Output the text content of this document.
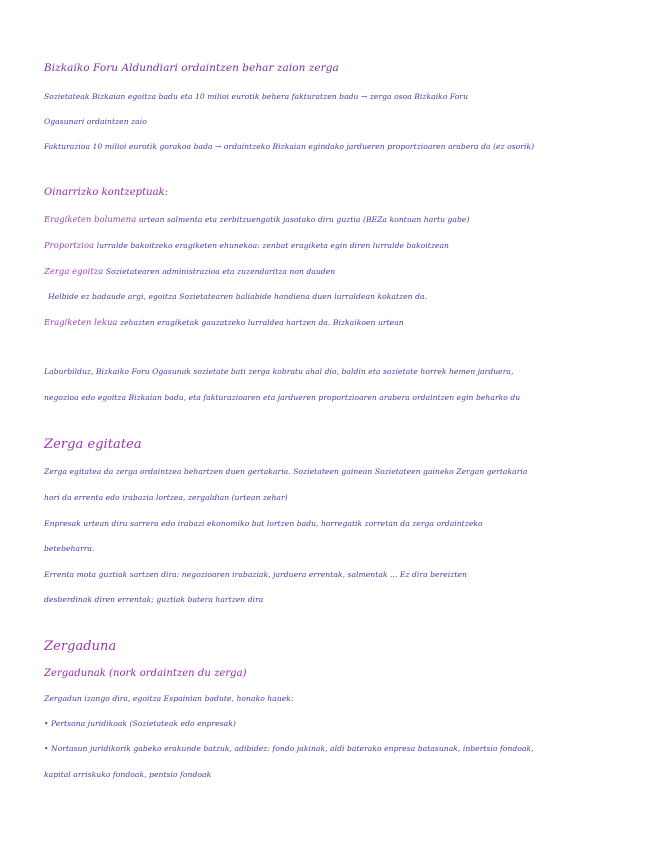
Bizkaiko Foru Aldundiari ordaintzen behar zaion zerga
Sozietateak Bizkaian egoitza badu eta 10 milioi eurotik behera fakturatzen badu → zerga osoa Bizkaiko Foru
Ogasunari ordaintzen zaio
Fakturazioa 10 milioi eurotik gorakoa bada → ordaintzeko Bizkaian egindako jardueren proportzioaren arabera da (ez osorik)
Oinarrizko kontzeptuak:
Eragiketen bolumena urtean salmenta eta zerbitzuengatik jasotako diru guztia (BEZa kontuan hartu gabe)
Proportzioa lurralde bakoitzeko eragiketen ehunekoa: zenbat eragiketa egin diren lurralde bakoitzean
Zerga egoitza Sozietatearen administrazioa eta zuzendaritza non dauden
Helbide ez badaude argi, egoitza Sozietatearen baliabide handiena duen lurraldean kokatzen da.
Eragiketen lekua zehazten eragiketak gauzatzeko lurraldea hartzen da. Bizkaikoen urtean
Laburbilduz, Bizkaiko Foru Ogasunak sozietate bati zerga kobratu ahal dio, baldin eta sozietate horrek hemen jarduera,
negozioa edo egoitza Bizkaian badu, eta fakturazioaren eta jardueren proportzioaren arabera ordaintzen egin beharko du
Zerga egitatea
Zerga egitatea da zerga ordaintzea behartzen duen gertakaria. Sozietateen gainean Sozietateen gaineko Zergan gertakaria
hori da errenta edo irabazia lortzea, zergaldian (urtean zehar)
Enpresak urtean diru sarrera edo irabazi ekonomiko bat lortzen badu, horregatik zorretan da zerga ordaintzeko
betebeharra.
Errenta mota guztiak sartzen dira: negozioaren irabaziak, jarduera errentak, salmentak ... Ez dira bereizten
desberdinak diren errentak; guztiak batera hartzen dira
Zergaduna
Zergadunak (nork ordaintzen du zerga)
Zergadun izango dira, egoitza Espainian badute, honako hauek:
• Pertsona juridikoak (Sozietateak edo enpresak)
• Nortasun juridikorik gabeko erakunde batzuk, adibidez: fondo jakinak, aldi baterako enpresa batasunak, inbertsio fondoak,
kapital arriskuko fondoak, pentsio fondoak
